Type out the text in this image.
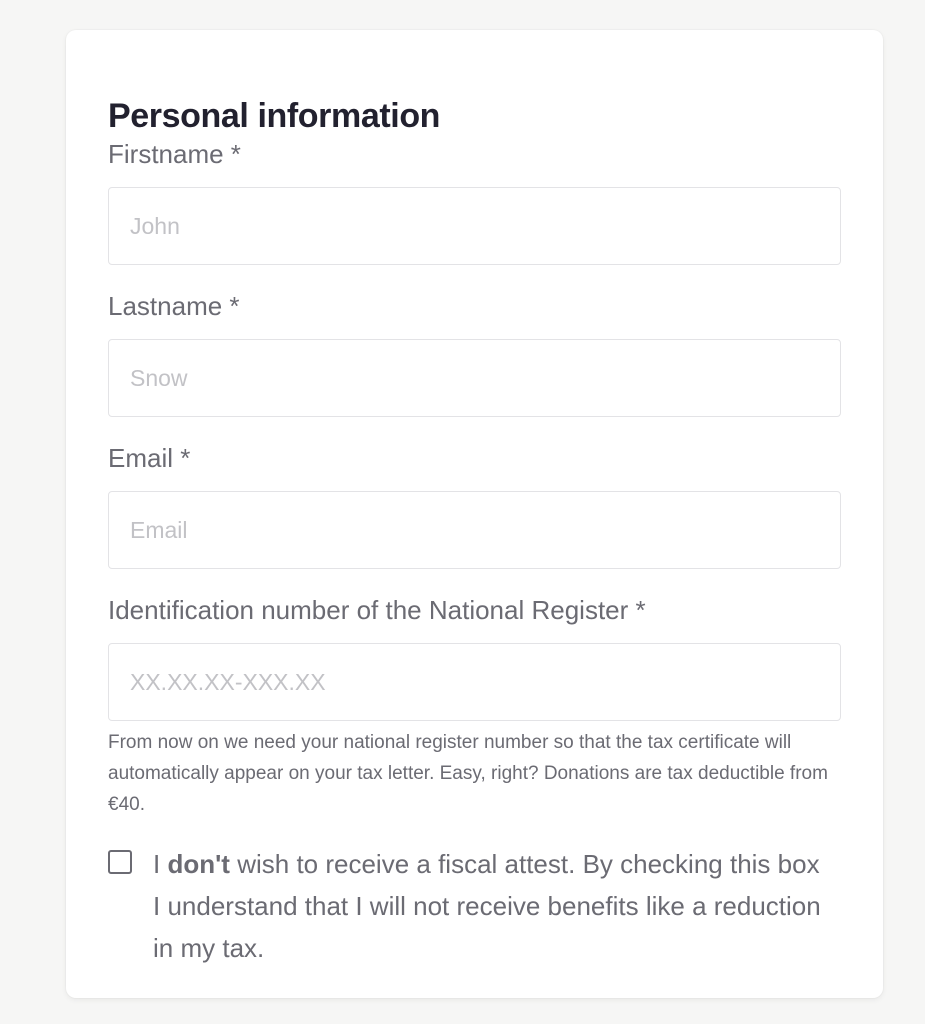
Personal information
Firstname *
John
Lastname *
Snow
Email *
Email
Identification number of the National Register *
XX.XX.XX-XXX.XX
From now on we need your national register number so that the tax certificate will automatically appear on your tax letter. Easy, right? Donations are tax deductible from €40.
I don't wish to receive a fiscal attest. By checking this box I understand that I will not receive benefits like a reduction in my tax.
